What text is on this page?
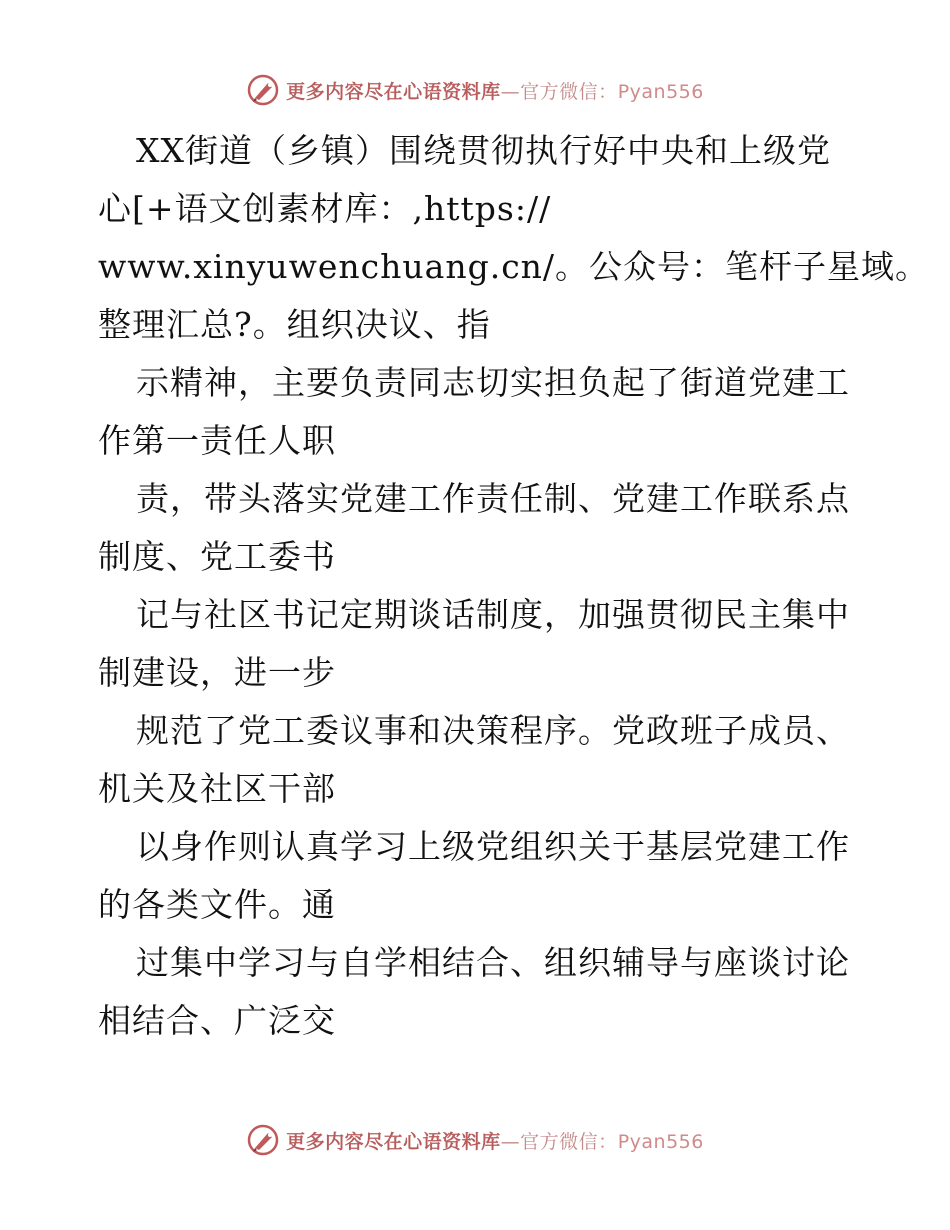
更多内容尽在心语资料库—官方微信：Pyan556
XX街道（乡镇）围绕贯彻执行好中央和上级党
心[+语文创素材库：,https://
www.xinyuwenchuang.cn/。公众号：笔杆子星域。
整理汇总?。组织决议、指
示精神，主要负责同志切实担负起了街道党建工
作第一责任人职
责，带头落实党建工作责任制、党建工作联系点
制度、党工委书
记与社区书记定期谈话制度，加强贯彻民主集中
制建设，进一步
规范了党工委议事和决策程序。党政班子成员、
机关及社区干部
以身作则认真学习上级党组织关于基层党建工作
的各类文件。通
过集中学习与自学相结合、组织辅导与座谈讨论
相结合、广泛交
更多内容尽在心语资料库—官方微信：Pyan556
